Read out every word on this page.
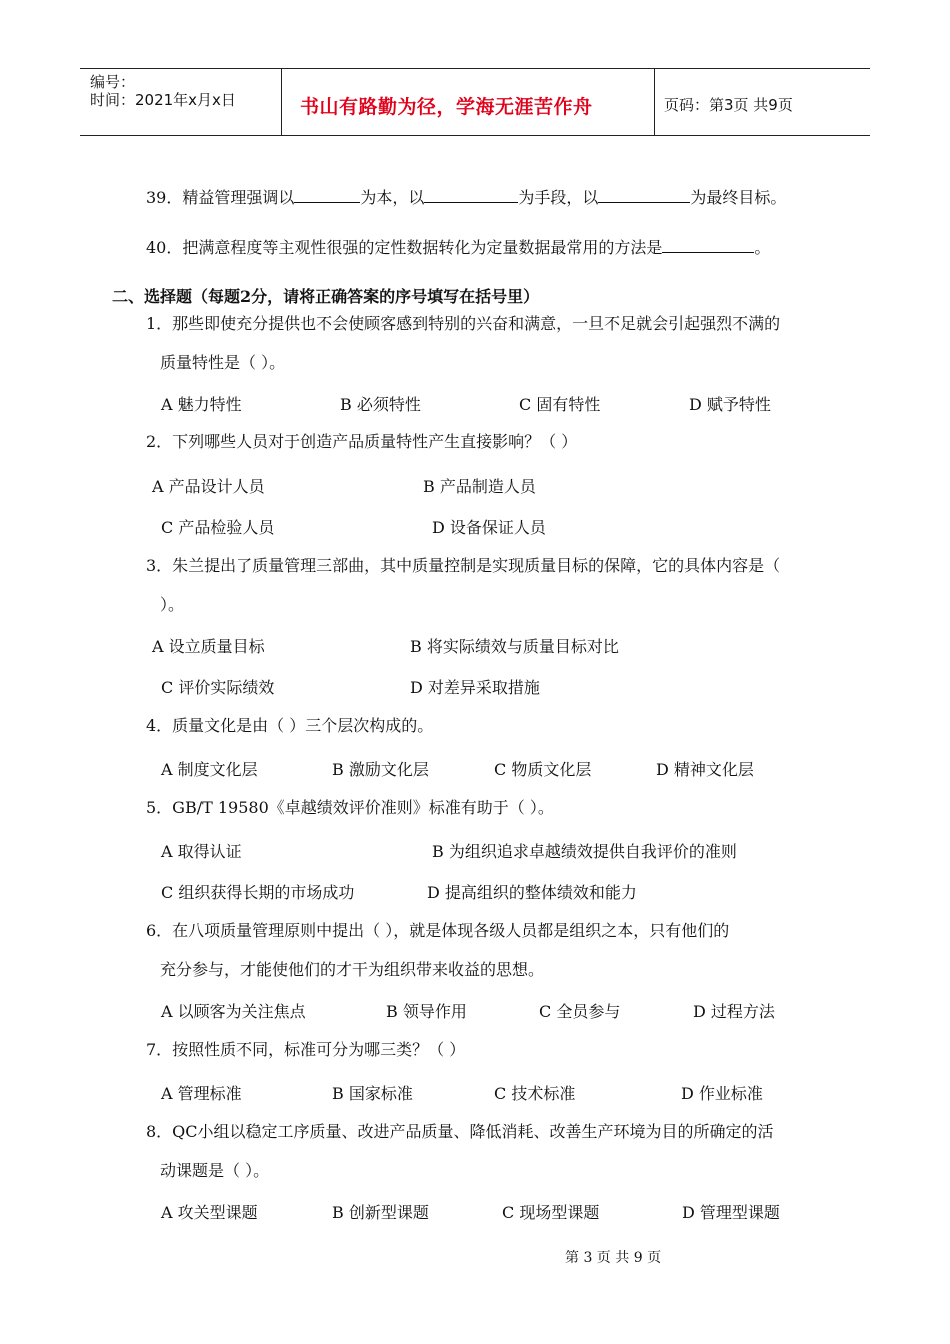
编号：
时间：2021年x月x日	书山有路勤为径，学海无涯苦作舟	页码：第3页 共9页
39．精益管理强调以	为本，以	为手段，以	为最终目标。
40．把满意程度等主观性很强的定性数据转化为定量数据最常用的方法是	。
二、选择题（每题2分，请将正确答案的序号填写在括号里）
1．那些即使充分提供也不会使顾客感到特别的兴奋和满意，一旦不足就会引起强烈不满的
质量特性是（ ）。
A 魅力特性	B 必须特性	C 固有特性	D 赋予特性
2．下列哪些人员对于创造产品质量特性产生直接影响？（ ）
A 产品设计人员	B 产品制造人员
C 产品检验人员	D 设备保证人员
3．朱兰提出了质量管理三部曲，其中质量控制是实现质量目标的保障，它的具体内容是（
）。
A 设立质量目标	B 将实际绩效与质量目标对比
C 评价实际绩效	D 对差异采取措施
4．质量文化是由（ ）三个层次构成的。
A 制度文化层	B 激励文化层	C 物质文化层	D 精神文化层
5．GB/T 19580《卓越绩效评价准则》标准有助于（ ）。
A 取得认证	B 为组织追求卓越绩效提供自我评价的准则
C 组织获得长期的市场成功	D 提高组织的整体绩效和能力
6．在八项质量管理原则中提出（ ），就是体现各级人员都是组织之本，只有他们的
充分参与，才能使他们的才干为组织带来收益的思想。
A 以顾客为关注焦点	B 领导作用	C 全员参与	D 过程方法
7．按照性质不同，标准可分为哪三类？（ ）
A 管理标准	B 国家标准	C 技术标准	D 作业标准
8．QC小组以稳定工序质量、改进产品质量、降低消耗、改善生产环境为目的所确定的活
动课题是（ ）。
A 攻关型课题	B 创新型课题	C 现场型课题	D 管理型课题
第 3 页 共 9 页
